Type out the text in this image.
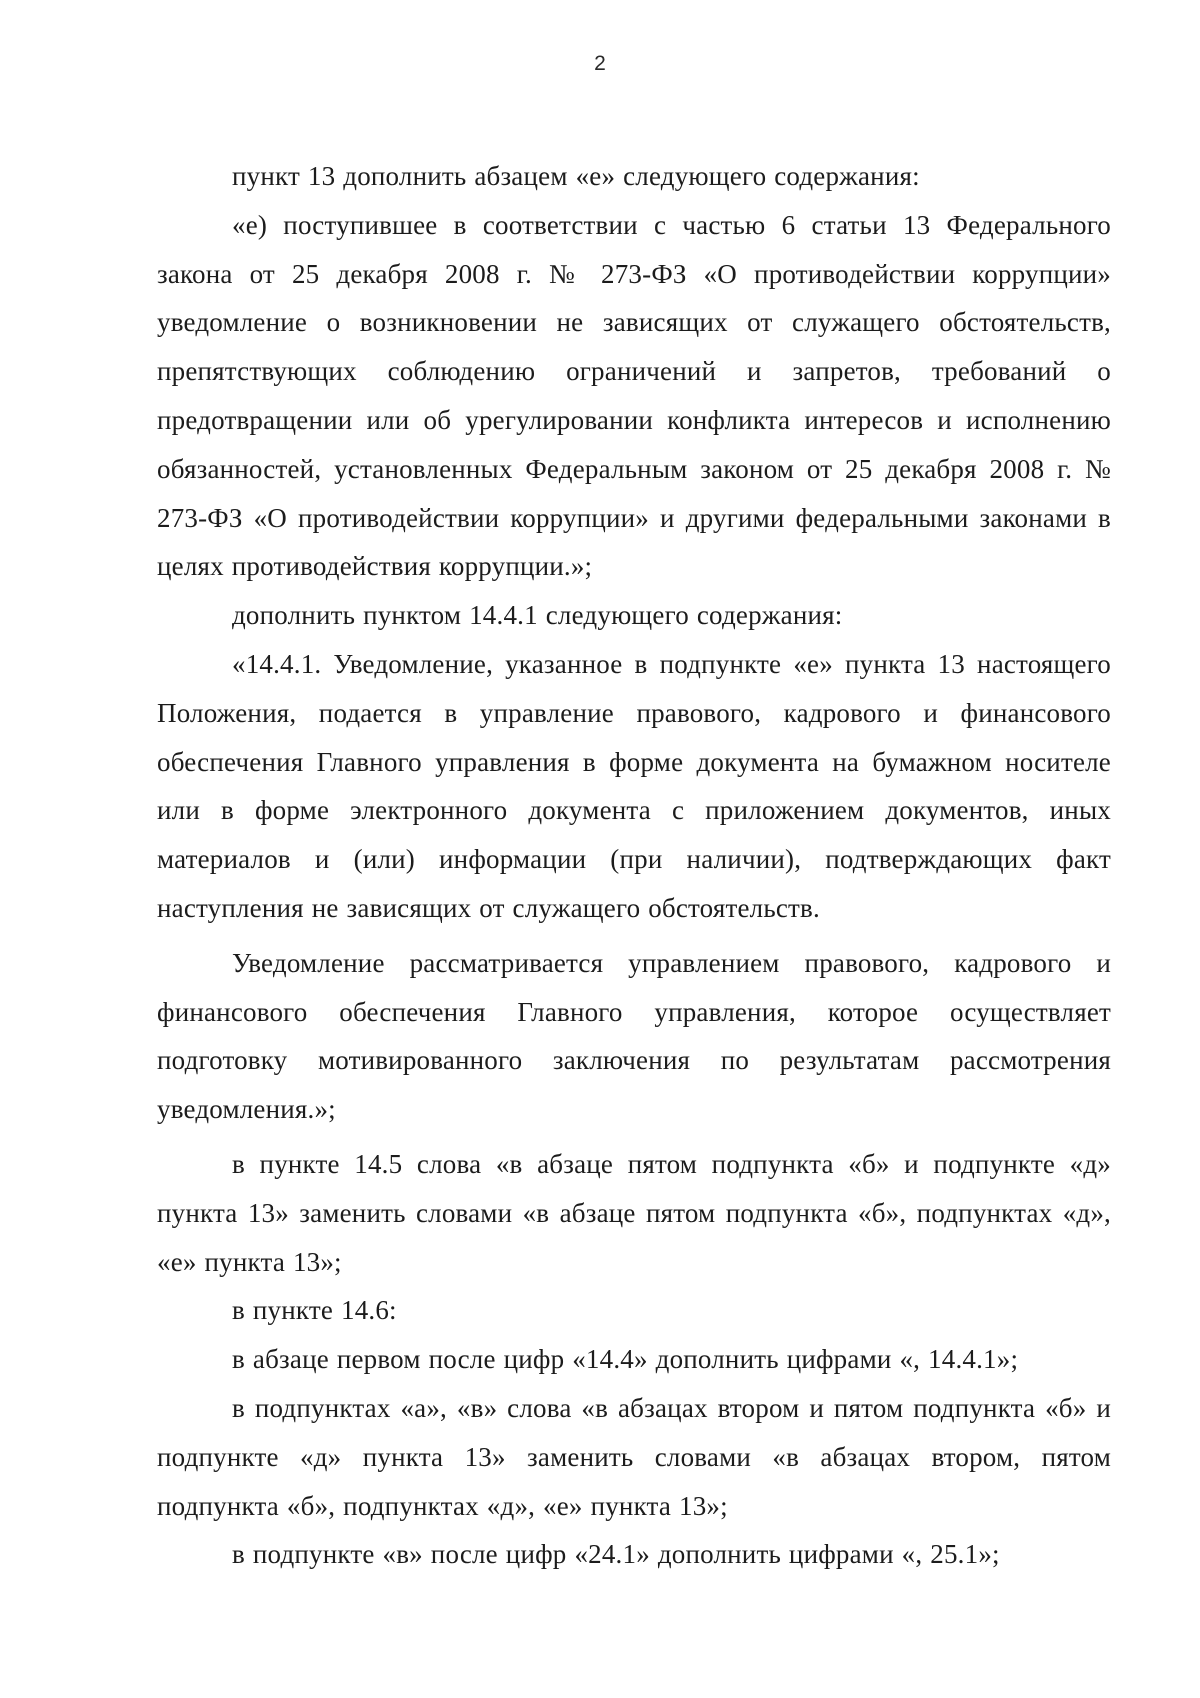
2

пункт 13 дополнить абзацем «е» следующего содержания:

«е) поступившее в соответствии с частью 6 статьи 13 Федерального закона от 25 декабря 2008 г. № 273-ФЗ «О противодействии коррупции» уведомление о возникновении не зависящих от служащего обстоятельств, препятствующих соблюдению ограничений и запретов, требований о предотвращении или об урегулировании конфликта интересов и исполнению обязанностей, установленных Федеральным законом от 25 декабря 2008 г. № 273-ФЗ «О противодействии коррупции» и другими федеральными законами в целях противодействия коррупции.»;

дополнить пунктом 14.4.1 следующего содержания:

«14.4.1. Уведомление, указанное в подпункте «е» пункта 13 настоящего Положения, подается в управление правового, кадрового и финансового обеспечения Главного управления в форме документа на бумажном носителе или в форме электронного документа с приложением документов, иных материалов и (или) информации (при наличии), подтверждающих факт наступления не зависящих от служащего обстоятельств.

Уведомление рассматривается управлением правового, кадрового и финансового обеспечения Главного управления, которое осуществляет подготовку мотивированного заключения по результатам рассмотрения уведомления.»;

в пункте 14.5 слова «в абзаце пятом подпункта «б» и подпункте «д» пункта 13» заменить словами «в абзаце пятом подпункта «б», подпунктах «д», «е» пункта 13»;

в пункте 14.6:

в абзаце первом после цифр «14.4» дополнить цифрами «, 14.4.1»;

в подпунктах «а», «в» слова «в абзацах втором и пятом подпункта «б» и подпункте «д» пункта 13» заменить словами «в абзацах втором, пятом подпункта «б», подпунктах «д», «е» пункта 13»;

в подпункте «в» после цифр «24.1» дополнить цифрами «, 25.1»;
